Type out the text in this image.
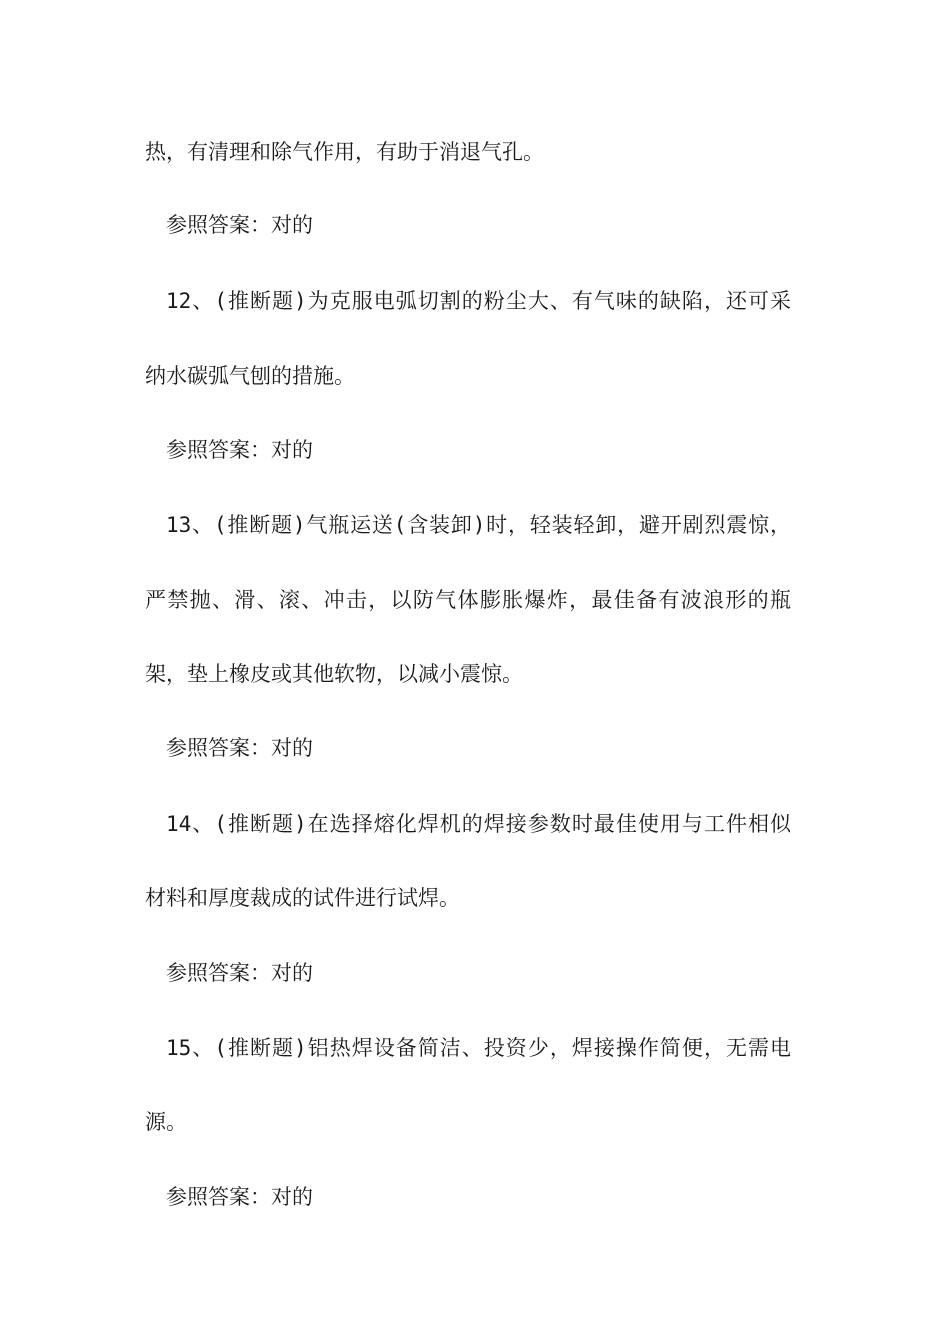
热，有清理和除气作用，有助于消退气孔。
参照答案：对的
12、(推断题)为克服电弧切割的粉尘大、有气味的缺陷，还可采
纳水碳弧气刨的措施。
参照答案：对的
13、(推断题)气瓶运送(含装卸)时，轻装轻卸，避开剧烈震惊，
严禁抛、滑、滚、冲击，以防气体膨胀爆炸，最佳备有波浪形的瓶
架，垫上橡皮或其他软物，以减小震惊。
参照答案：对的
14、(推断题)在选择熔化焊机的焊接参数时最佳使用与工件相似
材料和厚度裁成的试件进行试焊。
参照答案：对的
15、(推断题)铝热焊设备简洁、投资少，焊接操作简便，无需电
源。
参照答案：对的
